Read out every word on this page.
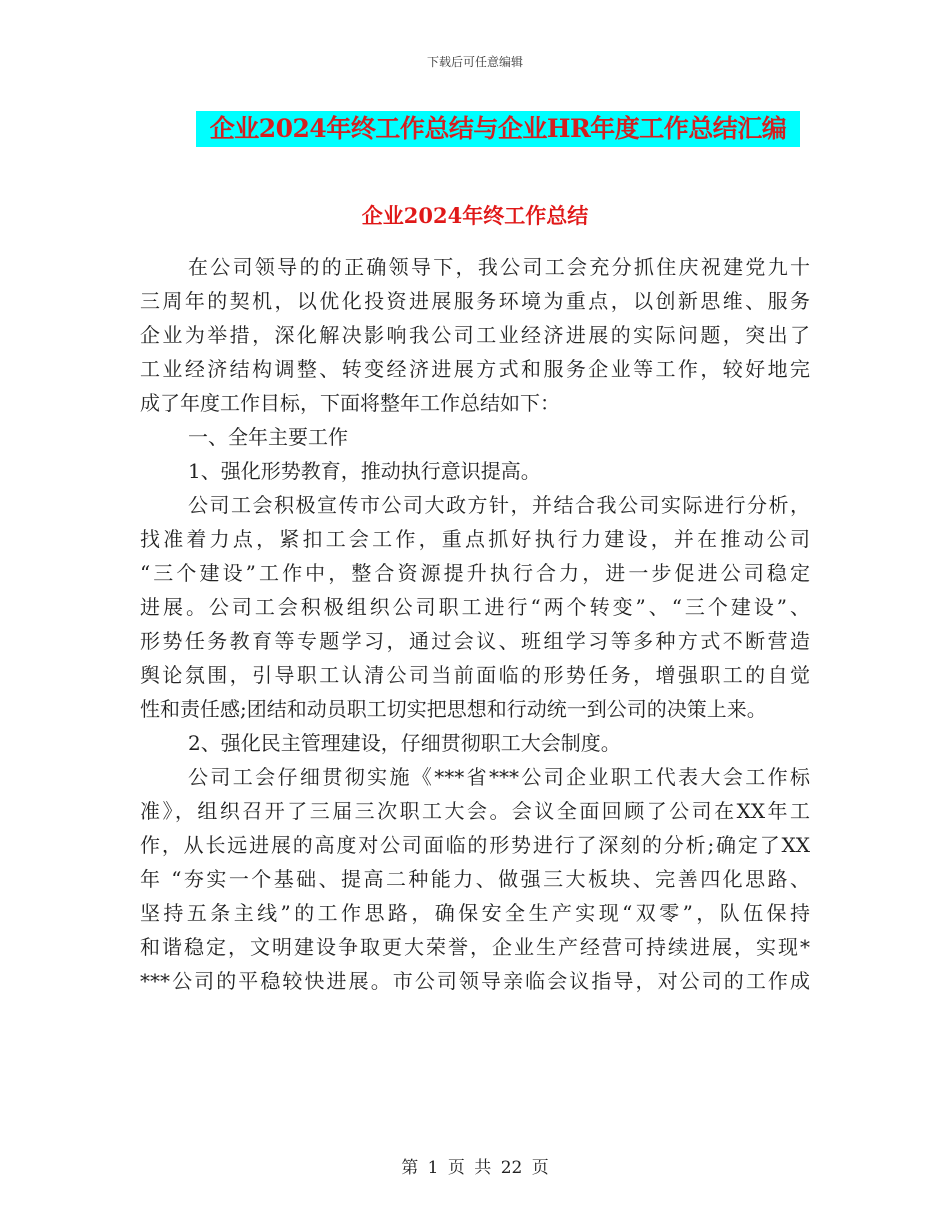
下载后可任意编辑
企业2024年终工作总结与企业HR年度工作总结汇编
企业2024年终工作总结
在公司领导的的正确领导下，我公司工会充分抓住庆祝建党九十
三周年的契机，以优化投资进展服务环境为重点，以创新思维、服务
企业为举措，深化解决影响我公司工业经济进展的实际问题，突出了
工业经济结构调整、转变经济进展方式和服务企业等工作，较好地完
成了年度工作目标，下面将整年工作总结如下：
一、全年主要工作
1、强化形势教育，推动执行意识提高。
公司工会积极宣传市公司大政方针，并结合我公司实际进行分析，
找准着力点，紧扣工会工作，重点抓好执行力建设，并在推动公司
“三个建设”工作中，整合资源提升执行合力，进一步促进公司稳定
进展。公司工会积极组织公司职工进行“两个转变”、“三个建设”、
形势任务教育等专题学习，通过会议、班组学习等多种方式不断营造
舆论氛围，引导职工认清公司当前面临的形势任务，增强职工的自觉
性和责任感;团结和动员职工切实把思想和行动统一到公司的决策上来。
2、强化民主管理建设，仔细贯彻职工大会制度。
公司工会仔细贯彻实施《***省***公司企业职工代表大会工作标
准》，组织召开了三届三次职工大会。会议全面回顾了公司在XX年工
作，从长远进展的高度对公司面临的形势进行了深刻的分析;确定了XX
年 “夯实一个基础、提高二种能力、做强三大板块、完善四化思路、
坚持五条主线”的工作思路，确保安全生产实现“双零”，队伍保持
和谐稳定，文明建设争取更大荣誉，企业生产经营可持续进展，实现*
***公司的平稳较快进展。市公司领导亲临会议指导，对公司的工作成
第 1 页 共 22 页
